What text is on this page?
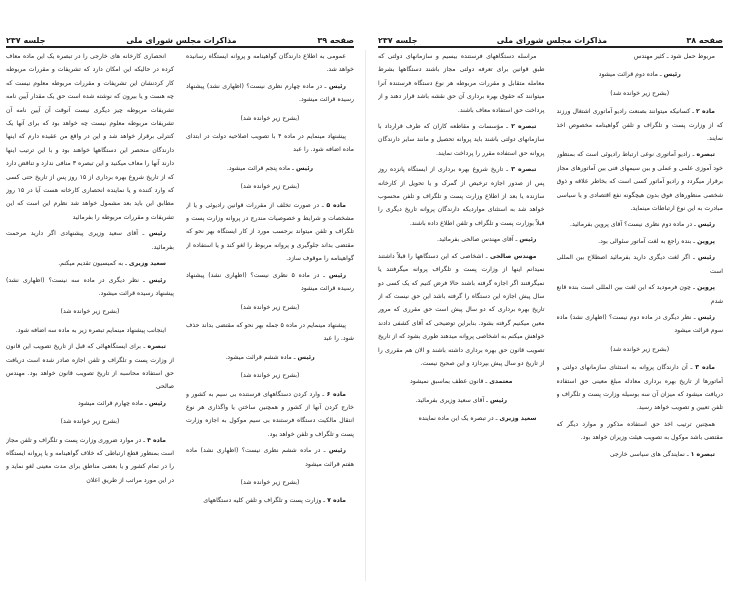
صفحه ۳۸
مذاکرات مجلس شورای ملی
جلسه ۲۳۷

مربوط حمل شود ـ کثیر مهندس

رئیس ـ ماده دوم قرائت میشود

(بشرح زیر خوانده شد)

ماده ۲ ـ کسانیکه میتوانند بصنعت رادیو آماتوری اشتغال ورزند که از وزارت پست و تلگراف و تلفن گواهینامه مخصوص اخذ نمایند.

تبصره ـ رادیو آماتوری نوعی ارتباط رادیوئی است که بمنظور خود آموزی علمی و عملی و بین سیمهای فنی بین آماتورهای مجاز برقرار میگردد و رادیو آماتور کسی است که بخاطر علاقه و ذوق شخصی منظورهای فوق بدون هیچگونه نفع اقتصادی و یا سیاسی مبادرت به این نوع ارتباطات مینماید.

رئیس ـ در ماده دوم نظری نیست؟ آقای پروین بفرمائید.

پروین ـ بنده راجع به لغت آماتور سئوالی بود.

رئیس ـ اگر لغت دیگری دارید بفرمائید اصطلاح بین المللی است

پروین ـ چون فرمودید که این لغت بین المللی است بنده قانع شدم

رئیس ـ نظر دیگری در ماده دوم نیست؟ (اظهاری نشد) ماده سوم قرائت میشود

(بشرح زیر خوانده شد)

ماده ۳ ـ آن دارندگان پروانه به استثنای سازمانهای دولتی و آماتورها از تاریخ بهره برداری معادله مبلغ معینی حق استفاده دریافت میشود که میزان آن سه بوسیله وزارت پست و تلگراف و تلفن تعیین و تصویب خواهد رسید.

همچنین ترتیب اخذ حق استفاده مذکور و موارد دیگر که مقتضی باشد موکول به تصویب هیئت وزیران خواهد بود.

تبصره ۱ ـ نمایندگی های سیاسی خارجی

مراسله دستگاههای فرستنده بیسیم و سازمانهای دولتی که طبق قوانین برای تعرفه دولتی مجاز باشند دستگاهها بشرط معامله متقابل و مقررات مربوطه هر نوع دستگاه فرستنده آنرا میتوانند که حقوق بهره برداری آن حق نقشه باشد قرار دهند و از پرداخت حق استفاده معاف باشند.

تبصره ۲ ـ مؤسسات و مقاطعه کاران که طرف قرارداد با سازمانهای دولتی باشند باید پروانه تحصیل و مانند سایر دارندگان پروانه حق استفاده مقرر را پرداخت نمایند.

تبصره ۳ ـ تاریخ شروع بهره برداری از ایستگاه پانزده روز پس از صدور اجازه ترخیص از گمرک و یا تحویل از کارخانه سازنده یا بعد از اطلاع وزارت پست و تلگراف و تلفن محسوب خواهد شد به استثنای مواردیکه دارندگان پروانه تاریخ دیگری را قبلاً بوزارت پست و تلگراف و تلفن اطلاع داده باشند.

رئیس ـ آقای مهندس صالحی بفرمائید.

مهندس صالحی ـ اشخاصی که این دستگاهها را قبلاً داشتند نمیدانم اینها از وزارت پست و تلگراف پروانه میگرفتند یا نمیگرفتند اگر اجازه گرفته باشند حالا فرض کنیم که یک کسی دو سال پیش اجازه این دستگاه را گرفته باشد این حق نیست که از تاریخ بهره برداری که دو سال پیش است حق مقرری که مرور معین میکنیم گرفته بشود. بنابراین توضیحی که آقای کشفی دادند خواهش میکنم به اشخاصی پروانه میدهند طوری بشود که از تاریخ تصویب قانون حق بهره برداری داشته باشند و الان هم مقرری را از تاریخ دو سال پیش بپردازد و این صحیح نیست.

معتمدی ـ قانون عطف بماسبق نمیشود

رئیس ـ آقای سعید وزیری بفرمائید.

سعید وزیری ـ در تبصره یک این ماده نماینده

صفحه ۳۹
مذاکرات مجلس شورای ملی
جلسه ۲۳۷

عمومی به اطلاع دارندگان گواهینامه و پروانه ایستگاه رسانیده خواهد شد.

رئیس ـ در ماده چهارم نظری نیست؟ (اظهاری نشد) پیشنهاد رسیده قرائت میشود.

(بشرح زیر خوانده شد)

پیشنهاد مینمایم در ماده ۴ با تصویب اصلاحیه دولت در ابتدای ماده اضافه شود. را عبد

رئیس ـ ماده پنجم قرائت میشود.

(بشرح زیر خوانده شد)

ماده ۵ ـ در صورت تخلف از مقررات قوانین رادیوئی و یا از مشخصات و شرایط و خصوصیات مندرج در پروانه وزارت پست و تلگراف و تلفن میتواند برحسب مورد از کار ایستگاه بهر نحو که مقتضی بداند جلوگیری و پروانه مربوط را لغو کند و یا استفاده از گواهینامه را موقوف سازد.

رئیس ـ در ماده ۵ نظری نیست؟ (اظهاری نشد) پیشنهاد رسیده قرائت میشود

(بشرح زیر خوانده شد)

پیشنهاد مینمایم در ماده ۵ جمله بهر نحو که مقتضی بداند حذف شود. را عبد

رئیس ـ ماده ششم قرائت میشود.

(بشرح زیر خوانده شد)

ماده ۶ ـ وارد کردن دستگاههای فرستنده بی سیم به کشور و خارج کردن آنها از کشور و همچنین ساختن یا واگذاری هر نوع انتقال مالکیت دستگاه فرستنده بی سیم موکول به اجازه وزارت پست و تلگراف و تلفن خواهد بود.

رئیس ـ در ماده ششم نظری نیست؟ (اظهاری نشد) ماده هفتم قرائت میشود

(بشرح زیر خوانده شد)

ماده ۷ ـ وزارت پست و تلگراف و تلفن کلیه دستگاههای

انحصاری کارخانه های خارجی را در تبصره یک این ماده معاف کرده در حالیکه این امکان دارد که تشریفات و مقررات مربوطه کار کردنشان این تشریفات و مقررات مربوطه معلوم نیست که چه هست و یا بیرون که نوشته شده است حق یک مقدار آیین نامه تشریفات مربوطه چیز دیگری نیست آنوقت آن آیین نامه آن تشریفات مربوطه معلوم نیست چه خواهد بود که برای آنها یک کنترلی برقرار خواهد شد و این در واقع من عقیده دارم که اینها دارندگان منحصر این دستگاهها خواهند بود و با این ترتیب اینها دارند آنها را معاف میکنید و این تبصره ۳ منافی ندارد و تناقض دارد که از تاریخ شروع بهره برداری از ۱۵ روز پس از تاریخ حتی کسی که وارد کننده و یا نماینده انحصاری کارخانه هست آیا در ۱۵ روز مطابق این باید بعد مشمول خواهد شد نظرم این است که این تشریفات و مقررات مربوطه را بفرمائید

رئیس ـ آقای سعید وزیری پیشنهادی اگر دارید مرحمت بفرمائید.

سعید وزیری ـ به کمیسیون تقدیم میکنم.

رئیس ـ نظر دیگری در ماده سه نیست؟ (اظهاری نشد) پیشنهاد رسیده قرائت میشود.

(بشرح زیر خوانده شد)

اینجانب پیشنهاد مینمایم تبصره زیر به ماده سه اضافه شود.

تبصره ـ برای ایستگاههائی که قبل از تاریخ تصویب این قانون از وزارت پست و تلگراف و تلفن اجازه صادر شده است دریافت حق استفاده محاسبه از تاریخ تصویب قانون خواهد بود. مهندس صالحی

رئیس ـ ماده چهارم قرائت میشود

(بشرح زیر خوانده شد)

ماده ۴ ـ در موارد ضروری وزارت پست و تلگراف و تلفن مجاز است بمنظور قطع ارتباطی که خلاف گواهینامه و یا پروانه ایستگاه را در تمام کشور و یا بعضی مناطق برای مدت معینی لغو نماید و در این مورد مراتب از طریق اعلان
